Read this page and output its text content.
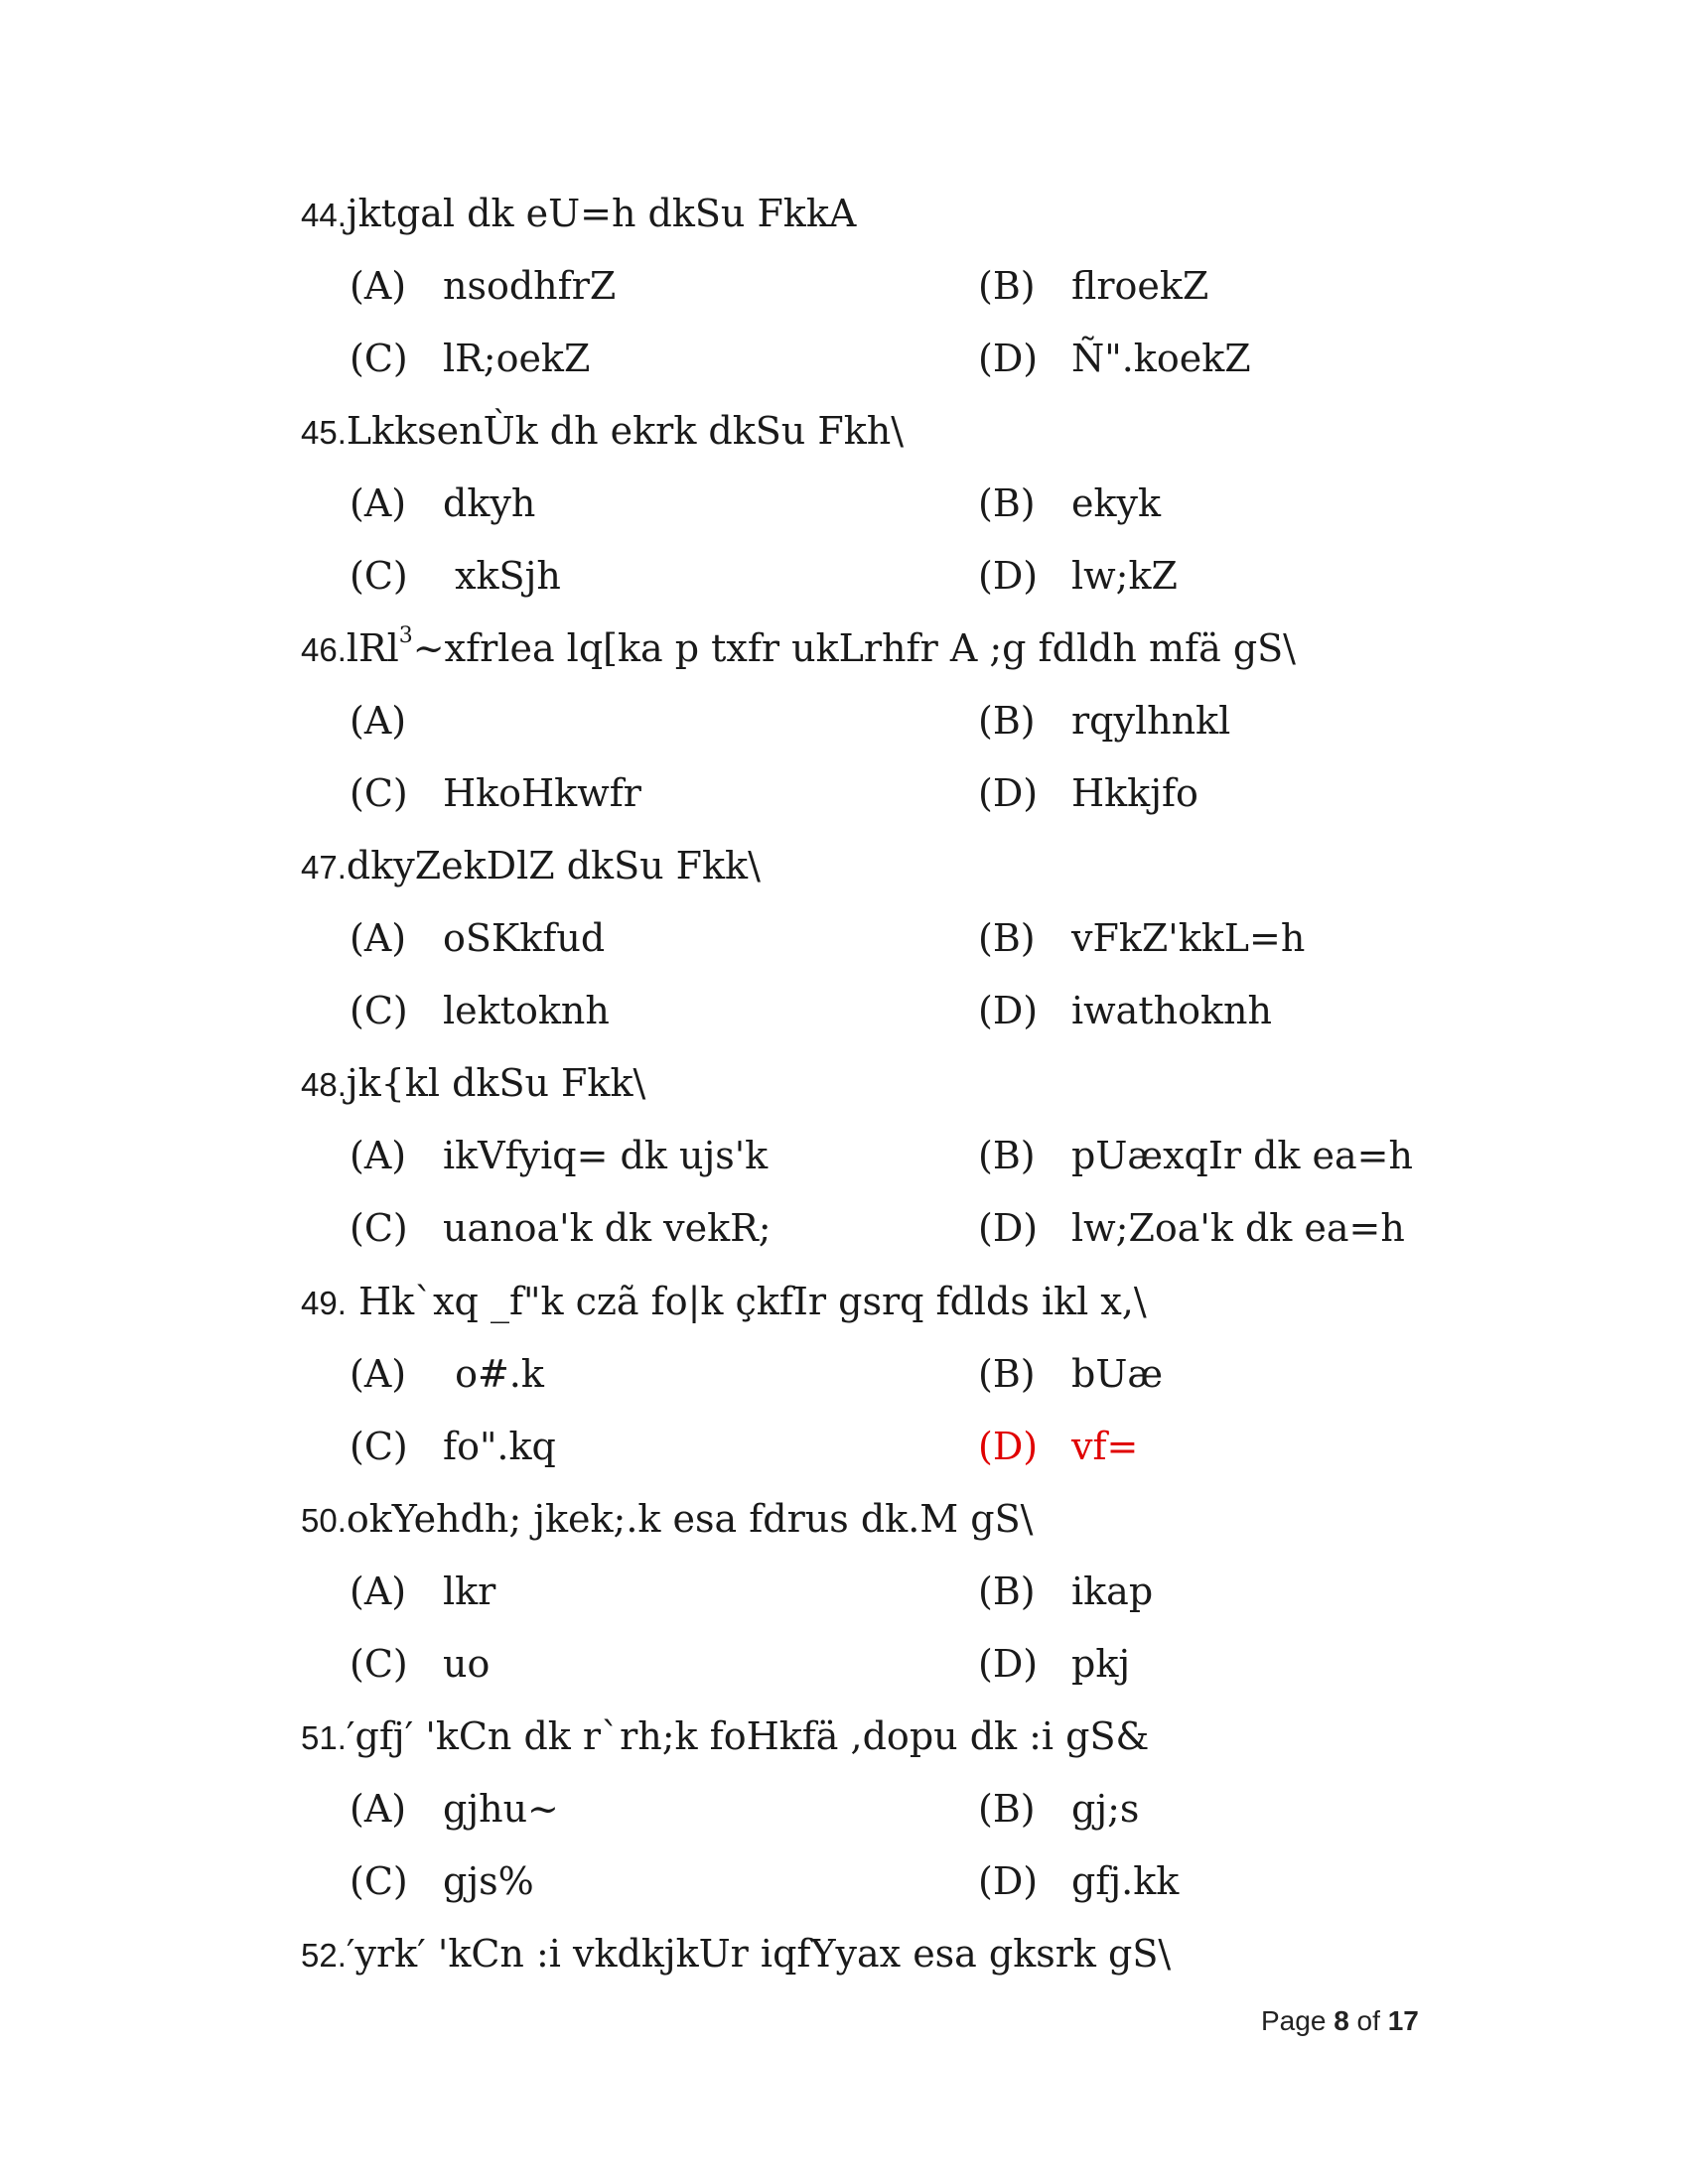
44.jktgal dk eU=h dkSu FkkA
(A) nsodhfrZ	(B) flroekZ
(C) lR;oekZ	(D) Ñ".koekZ
45.LkksenÙk dh ekrk dkSu Fkh\
(A) dkyh	(B) ekyk
(C) xkSjh	(D) lw;kZ
46.lRl$^3$~xfrlea lq[ka p txfr ukLrhfr A ;g fdldh mfä gS\
(A)	(B) rqylhnkl
(C) HkoHkwfr	(D) Hkkjfo
47.dkyZekDlZ dkSu Fkk\
(A) oSKkfud	(B) vFkZ'kkL=h
(C) lektoknh	(D) iwathoknh
48.jk{kl dkSu Fkk\
(A) ikVfyiq= dk ujs'k	(B) pUæxqIr dk ea=h
(C) uanoa'k dk vekR;	(D) lw;Zoa'k dk ea=h
49. Hk`xq _f"k czã fo|k çkfIr gsrq fdlds ikl x,\
(A) o#.k	(B) bUæ
(C) fo".kq	(D) vf=
50.okYehdh; jkek;.k esa fdrus dk.M gS\
(A) lkr	(B) ikap
(C) uo	(D) pkj
51.′gfj′ 'kCn dk r`rh;k foHkfä ,dopu dk :i gS&
(A) gjhu~	(B) gj;s
(C) gjs%	(D) gfj.kk
52.′yrk′ 'kCn :i vkdkjkUr iqfYyax esa gksrk gS\
Page 8 of 17
